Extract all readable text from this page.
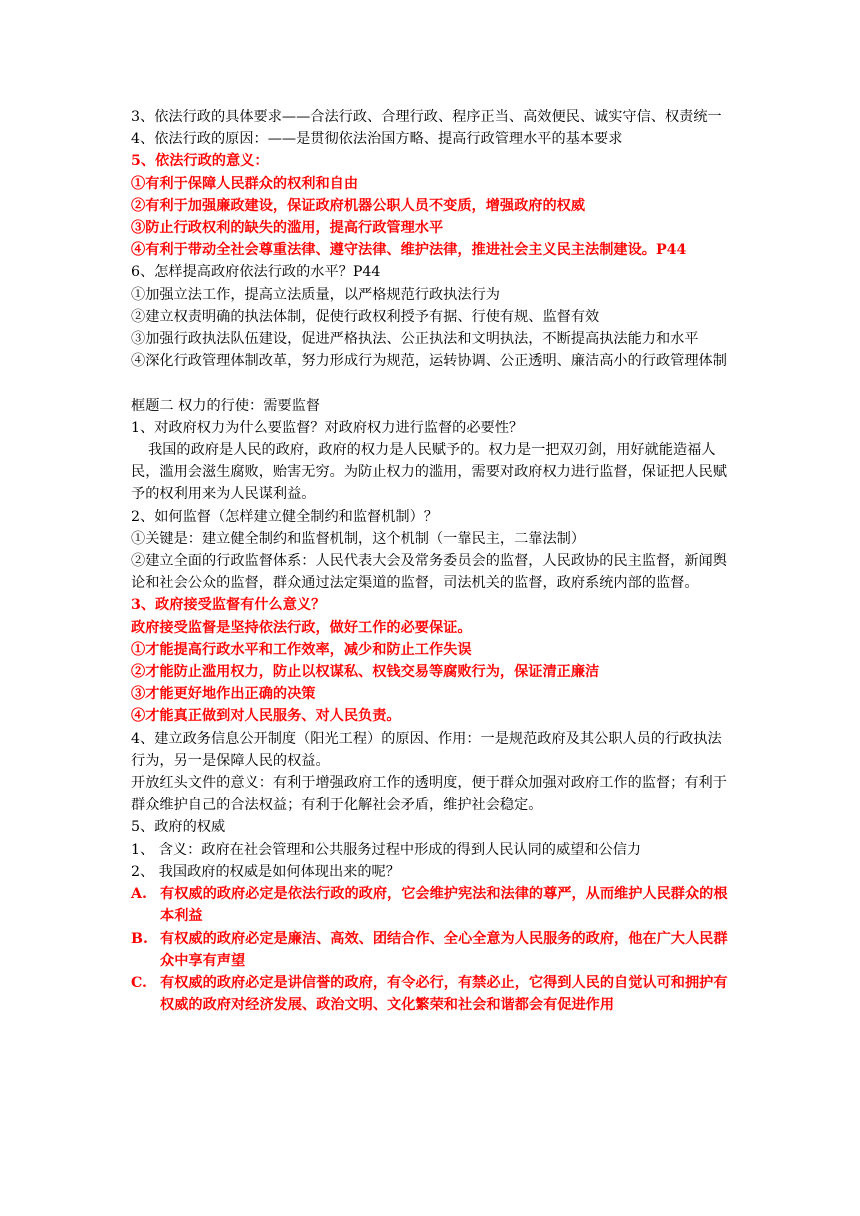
3、依法行政的具体要求——合法行政、合理行政、程序正当、高效便民、诚实守信、权责统一

4、依法行政的原因：——是贯彻依法治国方略、提高行政管理水平的基本要求

5、依法行政的意义：

①有利于保障人民群众的权利和自由

②有利于加强廉政建设，保证政府机器公职人员不变质，增强政府的权威

③防止行政权利的缺失的滥用，提高行政管理水平

④有利于带动全社会尊重法律、遵守法律、维护法律，推进社会主义民主法制建设。P44

6、怎样提高政府依法行政的水平？P44

①加强立法工作，提高立法质量，以严格规范行政执法行为

②建立权责明确的执法体制，促使行政权利授予有据、行使有规、监督有效

③加强行政执法队伍建设，促进严格执法、公正执法和文明执法，不断提高执法能力和水平

④深化行政管理体制改革，努力形成行为规范，运转协调、公正透明、廉洁高小的行政管理体制

框题二 权力的行使：需要监督

1、对政府权力为什么要监督？对政府权力进行监督的必要性？

我国的政府是人民的政府，政府的权力是人民赋予的。权力是一把双刃剑，用好就能造福人民，滥用会滋生腐败，贻害无穷。为防止权力的滥用，需要对政府权力进行监督，保证把人民赋予的权利用来为人民谋利益。

2、如何监督（怎样建立健全制约和监督机制）？

①关键是：建立健全制约和监督机制，这个机制（一靠民主，二靠法制）

②建立全面的行政监督体系：人民代表大会及常务委员会的监督，人民政协的民主监督，新闻舆论和社会公众的监督，群众通过法定渠道的监督，司法机关的监督，政府系统内部的监督。

3、政府接受监督有什么意义？

政府接受监督是坚持依法行政，做好工作的必要保证。

①才能提高行政水平和工作效率，减少和防止工作失误

②才能防止滥用权力，防止以权谋私、权钱交易等腐败行为，保证清正廉洁

③才能更好地作出正确的决策

④才能真正做到对人民服务、对人民负责。

4、建立政务信息公开制度（阳光工程）的原因、作用：一是规范政府及其公职人员的行政执法行为，另一是保障人民的权益。

开放红头文件的意义：有利于增强政府工作的透明度，便于群众加强对政府工作的监督；有利于群众维护自己的合法权益；有利于化解社会矛盾，维护社会稳定。

5、政府的权威

1、 含义：政府在社会管理和公共服务过程中形成的得到人民认同的威望和公信力

2、 我国政府的权威是如何体现出来的呢？

A. 有权威的政府必定是依法行政的政府，它会维护宪法和法律的尊严，从而维护人民群众的根本利益
B. 有权威的政府必定是廉洁、高效、团结合作、全心全意为人民服务的政府，他在广大人民群众中享有声望
C. 有权威的政府必定是讲信誉的政府，有令必行，有禁必止，它得到人民的自觉认可和拥护有权威的政府对经济发展、政治文明、文化繁荣和社会和谐都会有促进作用
